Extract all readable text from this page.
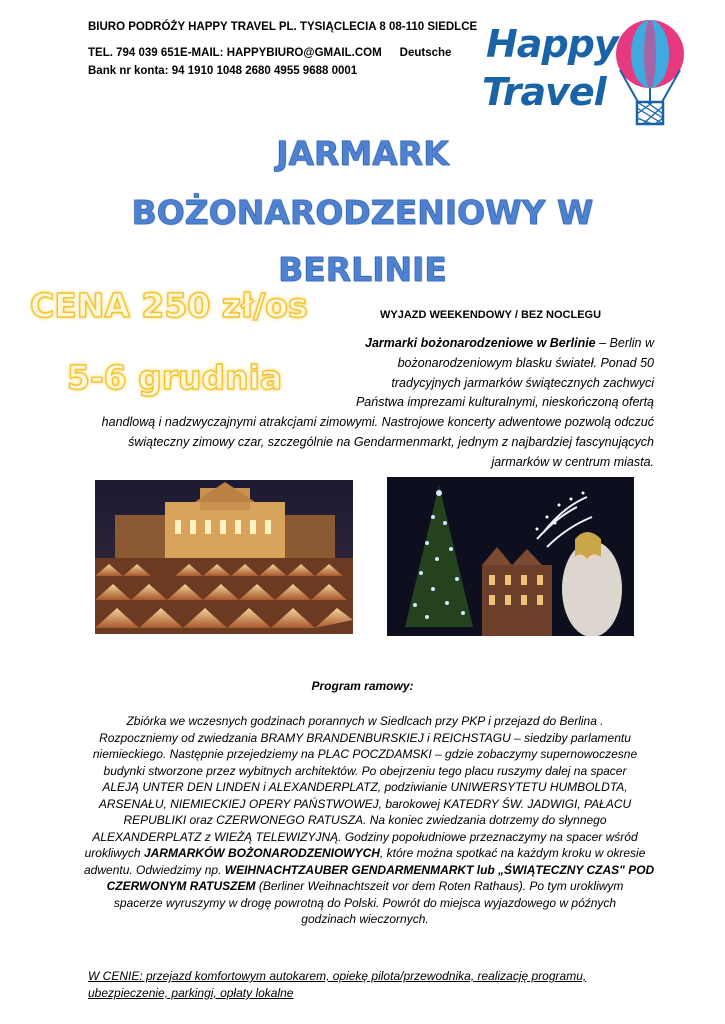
BIURO PODRÓŻY HAPPY TRAVEL PL. TYSIĄCLECIA 8 08-110 SIEDLCE
TEL. 794 039 651E-MAIL: HAPPYBIURO@GMAIL.COM Deutsche
Bank nr konta: 94 1910 1048 2680 4955 9688 0001
Happy
Travel
JARMARK
BOŻONARODZENIOWY W
BERLINIE
CENA 250 zł/os
5-6 grudnia
WYJAZD WEEKENDOWY / BEZ NOCLEGU
Jarmarki bożonarodzeniowe w Berlinie – Berlin w
bożonarodzeniowym blasku świateł. Ponad 50
tradycyjnych jarmarków świątecznych zachwyci
Państwa imprezami kulturalnymi, nieskończoną ofertą
handlową i nadzwyczajnymi atrakcjami zimowymi. Nastrojowe koncerty adwentowe pozwolą odczuć
świąteczny zimowy czar, szczególnie na Gendarmenmarkt, jednym z najbardziej fascynujących
jarmarków w centrum miasta.
Program ramowy:
Zbiórka we wczesnych godzinach porannych w Siedlcach przy PKP i przejazd do Berlina .
Rozpoczniemy od zwiedzania BRAMY BRANDENBURSKIEJ i REICHSTAGU – siedziby parlamentu
niemieckiego. Następnie przejedziemy na PLAC POCZDAMSKI – gdzie zobaczymy supernowoczesne
budynki stworzone przez wybitnych architektów. Po obejrzeniu tego placu ruszymy dalej na spacer
ALEJĄ UNTER DEN LINDEN i ALEXANDERPLATZ, podziwianie UNIWERSYTETU HUMBOLDTA,
ARSENAŁU, NIEMIECKIEJ OPERY PAŃSTWOWEJ, barokowej KATEDRY ŚW. JADWIGI, PAŁACU
REPUBLIKI oraz CZERWONEGO RATUSZA. Na koniec zwiedzania dotrzemy do słynnego
ALEXANDERPLATZ z WIEŻĄ TELEWIZYJNĄ. Godziny popołudniowe przeznaczymy na spacer wśród
urokliwych JARMARKÓW BOŻONARODZENIOWYCH, które można spotkać na każdym kroku w okresie
adwentu. Odwiedzimy np. WEIHNACHTZAUBER GENDARMENMARKT lub „ŚWIĄTECZNY CZAS" POD
CZERWONYM RATUSZEM (Berliner Weihnachtszeit vor dem Roten Rathaus). Po tym urokliwym
spacerze wyruszymy w drogę powrotną do Polski. Powrót do miejsca wyjazdowego w późnych
godzinach wieczornych.
W CENIE: przejazd komfortowym autokarem, opiekę pilota/przewodnika, realizację programu,
ubezpieczenie, parkingi, opłaty lokalne
